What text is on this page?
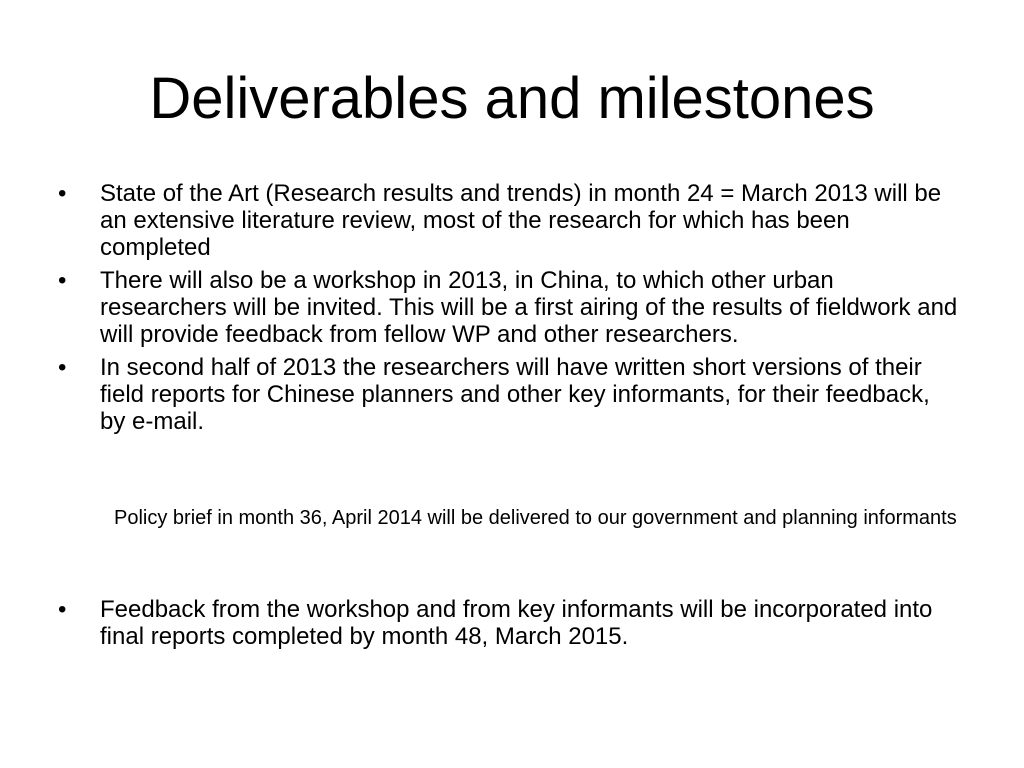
Deliverables and milestones
•	State of the Art (Research results and trends) in month 24 = March 2013 will be an extensive literature review, most of the research for which has been completed
•	There will also be a workshop in 2013, in China, to which other urban researchers will be invited. This will be a first airing of the results of fieldwork and will provide feedback from fellow WP and other researchers.
•	In second half of 2013 the researchers will have written short versions of their field reports for Chinese planners and other key informants, for their feedback, by e-mail.
Policy brief in month 36, April 2014 will be delivered to our government and planning informants
•	Feedback from the workshop and from key informants will be incorporated into final reports completed by month 48, March 2015.
